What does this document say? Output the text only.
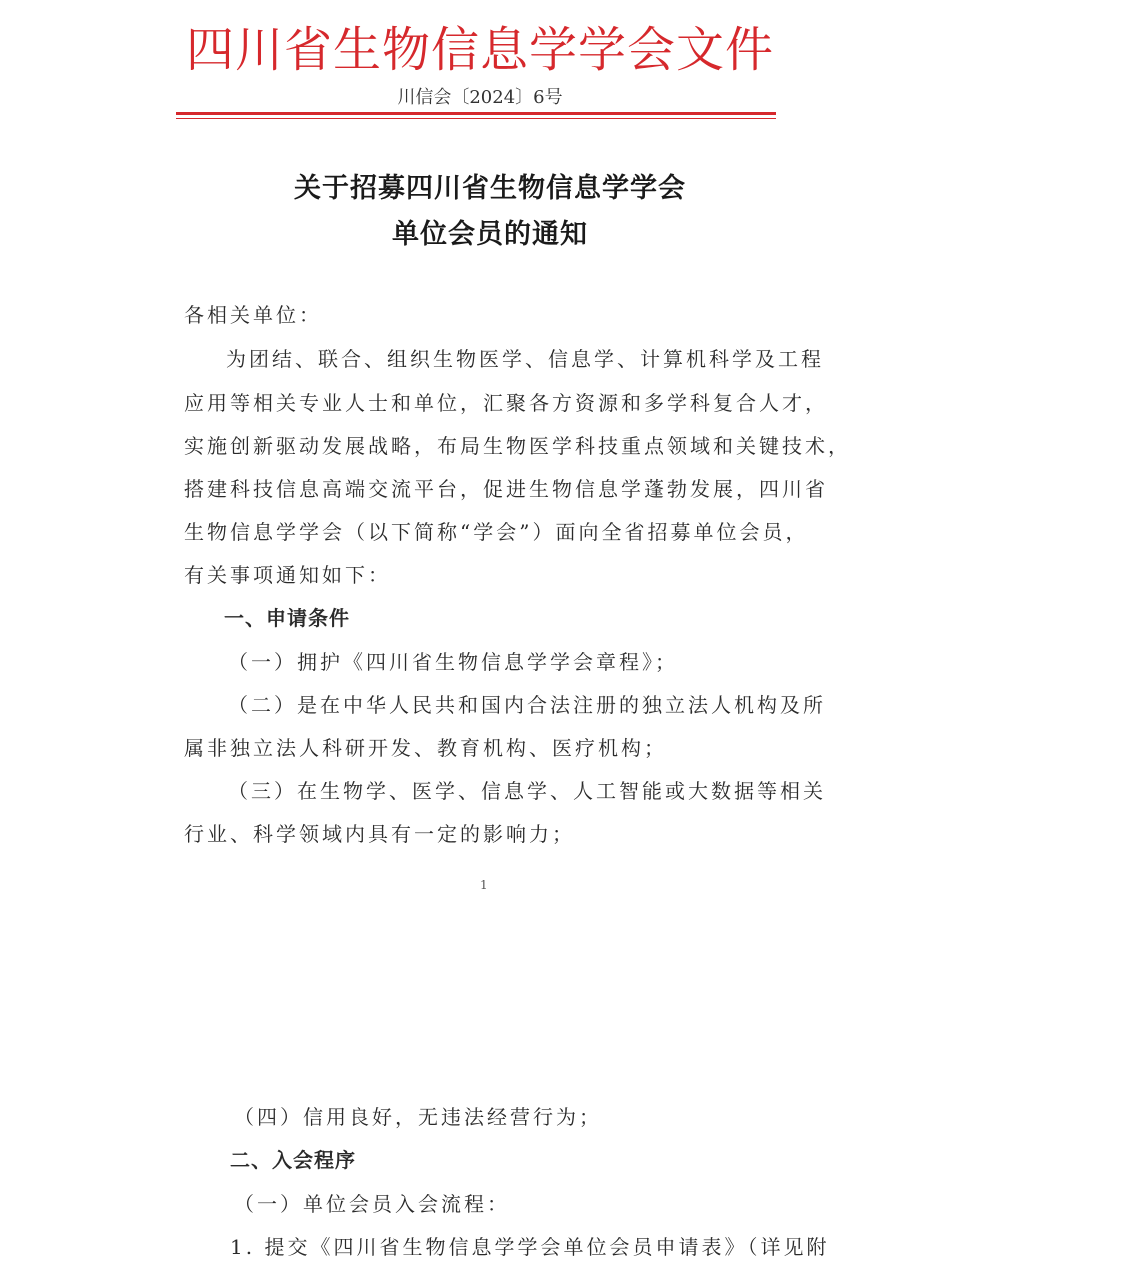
四川省生物信息学学会文件
川信会〔2024〕6号
关于招募四川省生物信息学学会
单位会员的通知
各相关单位：
为团结、联合、组织生物医学、信息学、计算机科学及工程
应用等相关专业人士和单位，汇聚各方资源和多学科复合人才，
实施创新驱动发展战略，布局生物医学科技重点领域和关键技术，
搭建科技信息高端交流平台，促进生物信息学蓬勃发展，四川省
生物信息学学会（以下简称“学会”）面向全省招募单位会员，
有关事项通知如下：
一、申请条件
（一）拥护《四川省生物信息学学会章程》；
（二）是在中华人民共和国内合法注册的独立法人机构及所
属非独立法人科研开发、教育机构、医疗机构；
（三）在生物学、医学、信息学、人工智能或大数据等相关
行业、科学领域内具有一定的影响力；
1
（四）信用良好，无违法经营行为；
二、入会程序
（一）单位会员入会流程：
1. 提交《四川省生物信息学学会单位会员申请表》（详见附
